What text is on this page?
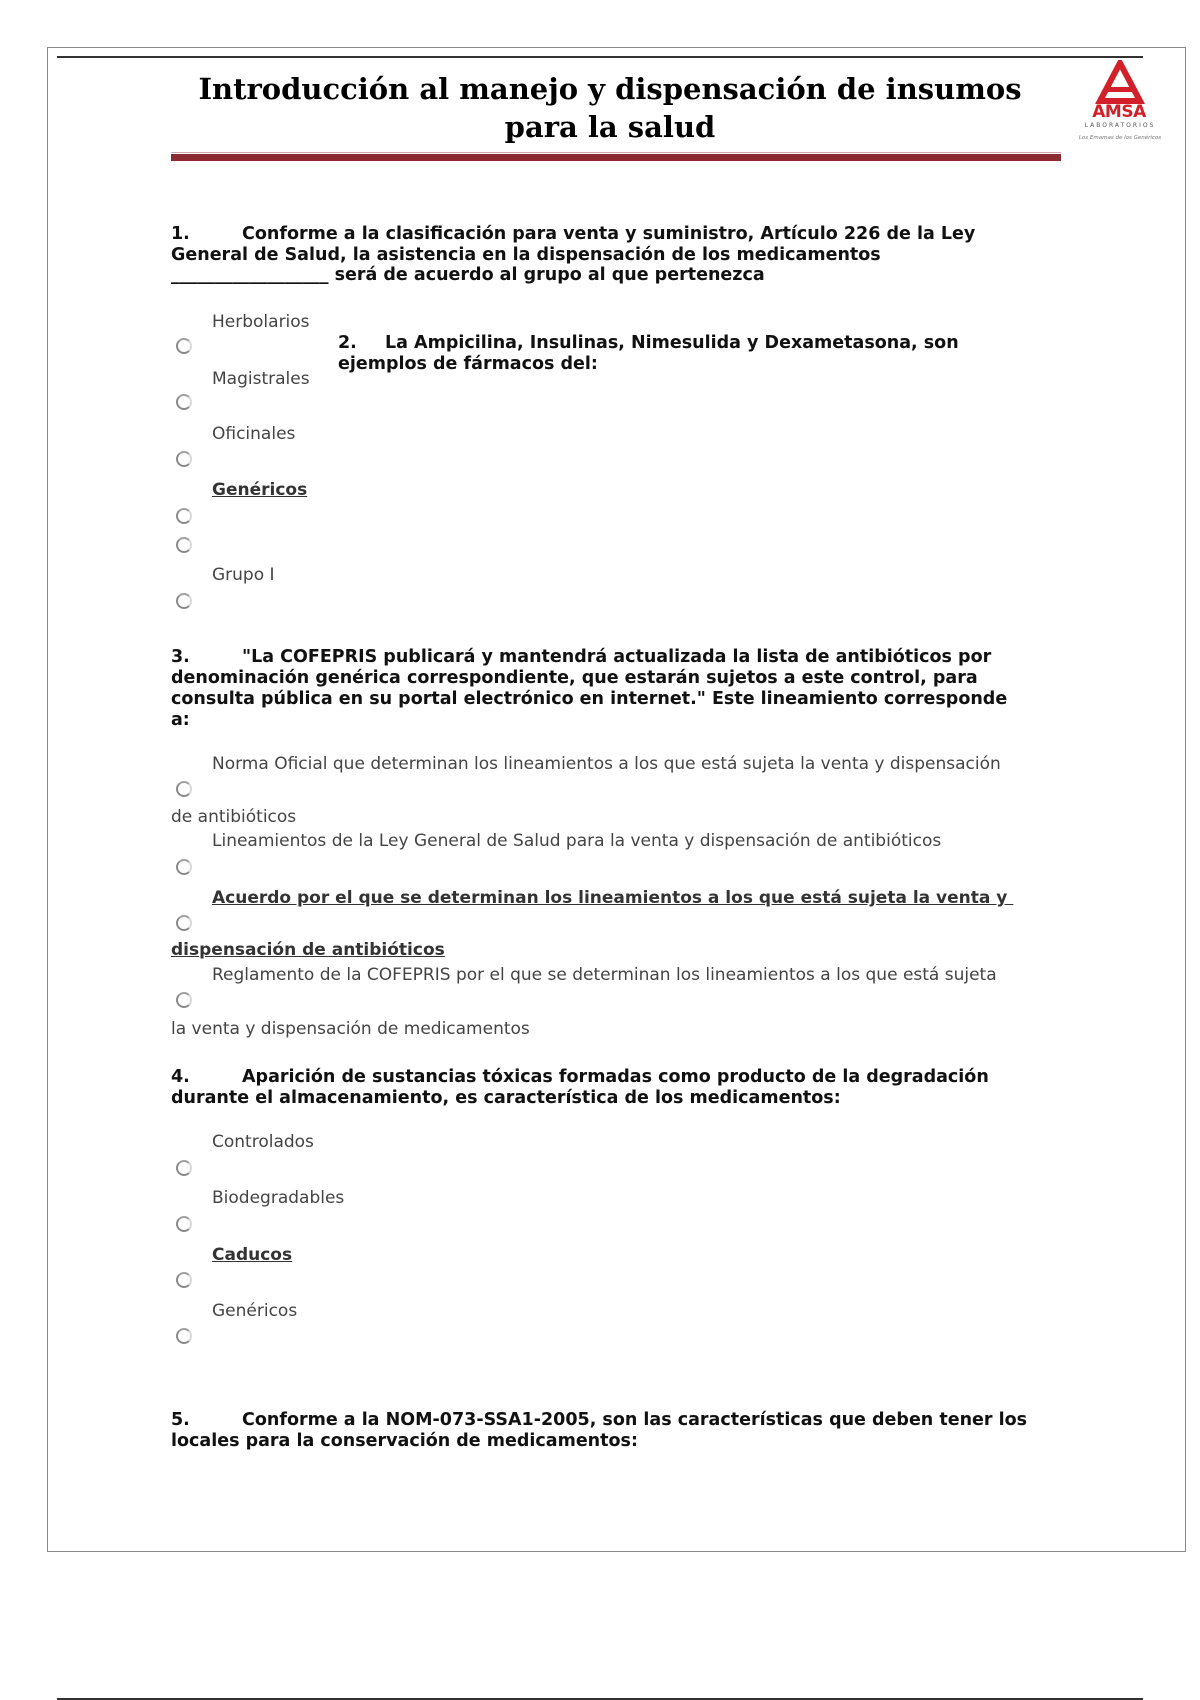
Introducción al manejo y dispensación de insumos para la salud	AMSA
LABORATORIOS
Los Emamas de los Genéricos
1.	Conforme a la clasificación para venta y suministro, Artículo 226 de la Ley
General de Salud, la asistencia en la dispensación de los medicamentos
__________________ será de acuerdo al grupo al que pertenezca
Herbolarios
Magistrales
Oficinales
Genéricos
Grupo I
2. La Ampicilina, Insulinas, Nimesulida y Dexametasona, son
ejemplos de fármacos del:
3.	"La COFEPRIS publicará y mantendrá actualizada la lista de antibióticos por
denominación genérica correspondiente, que estarán sujetos a este control, para
consulta pública en su portal electrónico en internet." Este lineamiento corresponde
a:
Norma Oficial que determinan los lineamientos a los que está sujeta la venta y dispensación
de antibióticos
Lineamientos de la Ley General de Salud para la venta y dispensación de antibióticos
Acuerdo por el que se determinan los lineamientos a los que está sujeta la venta y
dispensación de antibióticos
Reglamento de la COFEPRIS por el que se determinan los lineamientos a los que está sujeta
la venta y dispensación de medicamentos
4.	Aparición de sustancias tóxicas formadas como producto de la degradación
durante el almacenamiento, es característica de los medicamentos:
Controlados
Biodegradables
Caducos
Genéricos
5.	Conforme a la NOM-073-SSA1-2005, son las características que deben tener los
locales para la conservación de medicamentos:
